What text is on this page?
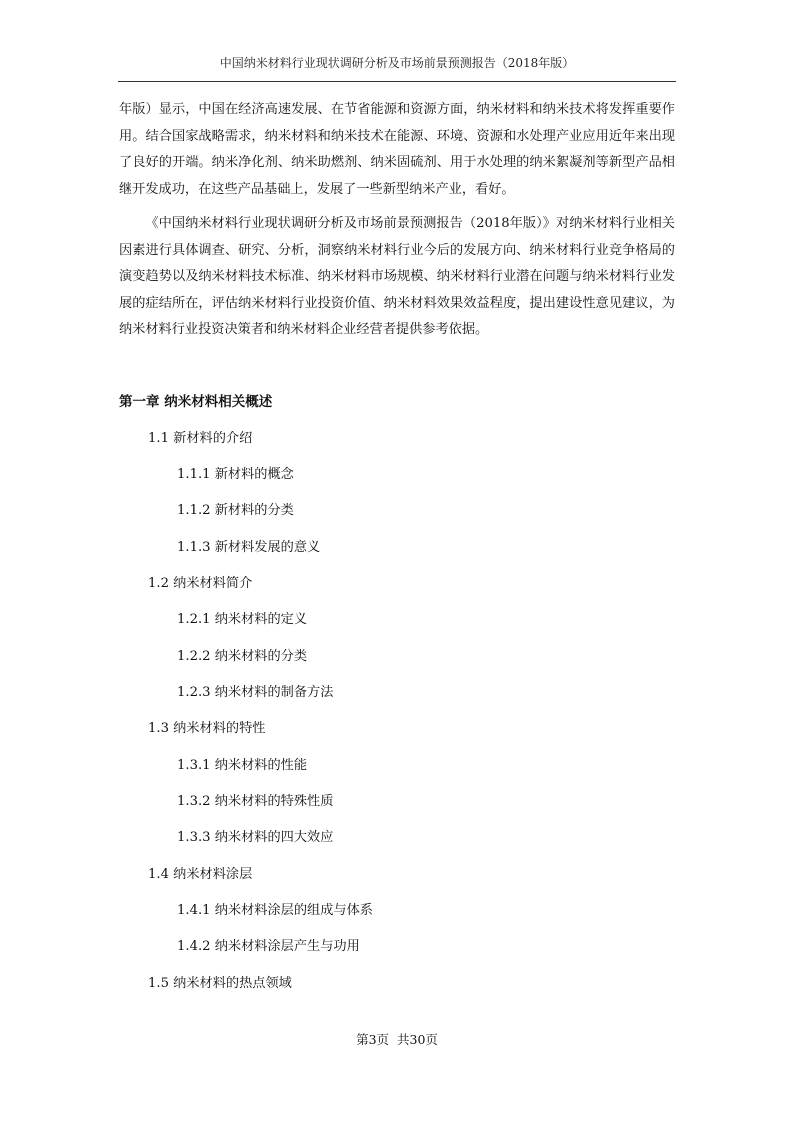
中国纳米材料行业现状调研分析及市场前景预测报告（2018年版）

年版）显示，中国在经济高速发展、在节省能源和资源方面，纳米材料和纳米技术将发挥重要作用。结合国家战略需求，纳米材料和纳米技术在能源、环境、资源和水处理产业应用近年来出现了良好的开端。纳米净化剂、纳米助燃剂、纳米固硫剂、用于水处理的纳米絮凝剂等新型产品相继开发成功，在这些产品基础上，发展了一些新型纳米产业，看好。

《中国纳米材料行业现状调研分析及市场前景预测报告（2018年版）》对纳米材料行业相关因素进行具体调查、研究、分析，洞察纳米材料行业今后的发展方向、纳米材料行业竞争格局的演变趋势以及纳米材料技术标准、纳米材料市场规模、纳米材料行业潜在问题与纳米材料行业发展的症结所在，评估纳米材料行业投资价值、纳米材料效果效益程度，提出建设性意见建议，为纳米材料行业投资决策者和纳米材料企业经营者提供参考依据。

第一章 纳米材料相关概述
1.1 新材料的介绍
1.1.1 新材料的概念
1.1.2 新材料的分类
1.1.3 新材料发展的意义
1.2 纳米材料简介
1.2.1 纳米材料的定义
1.2.2 纳米材料的分类
1.2.3 纳米材料的制备方法
1.3 纳米材料的特性
1.3.1 纳米材料的性能
1.3.2 纳米材料的特殊性质
1.3.3 纳米材料的四大效应
1.4 纳米材料涂层
1.4.1 纳米材料涂层的组成与体系
1.4.2 纳米材料涂层产生与功用
1.5 纳米材料的热点领域
第3页 共30页
